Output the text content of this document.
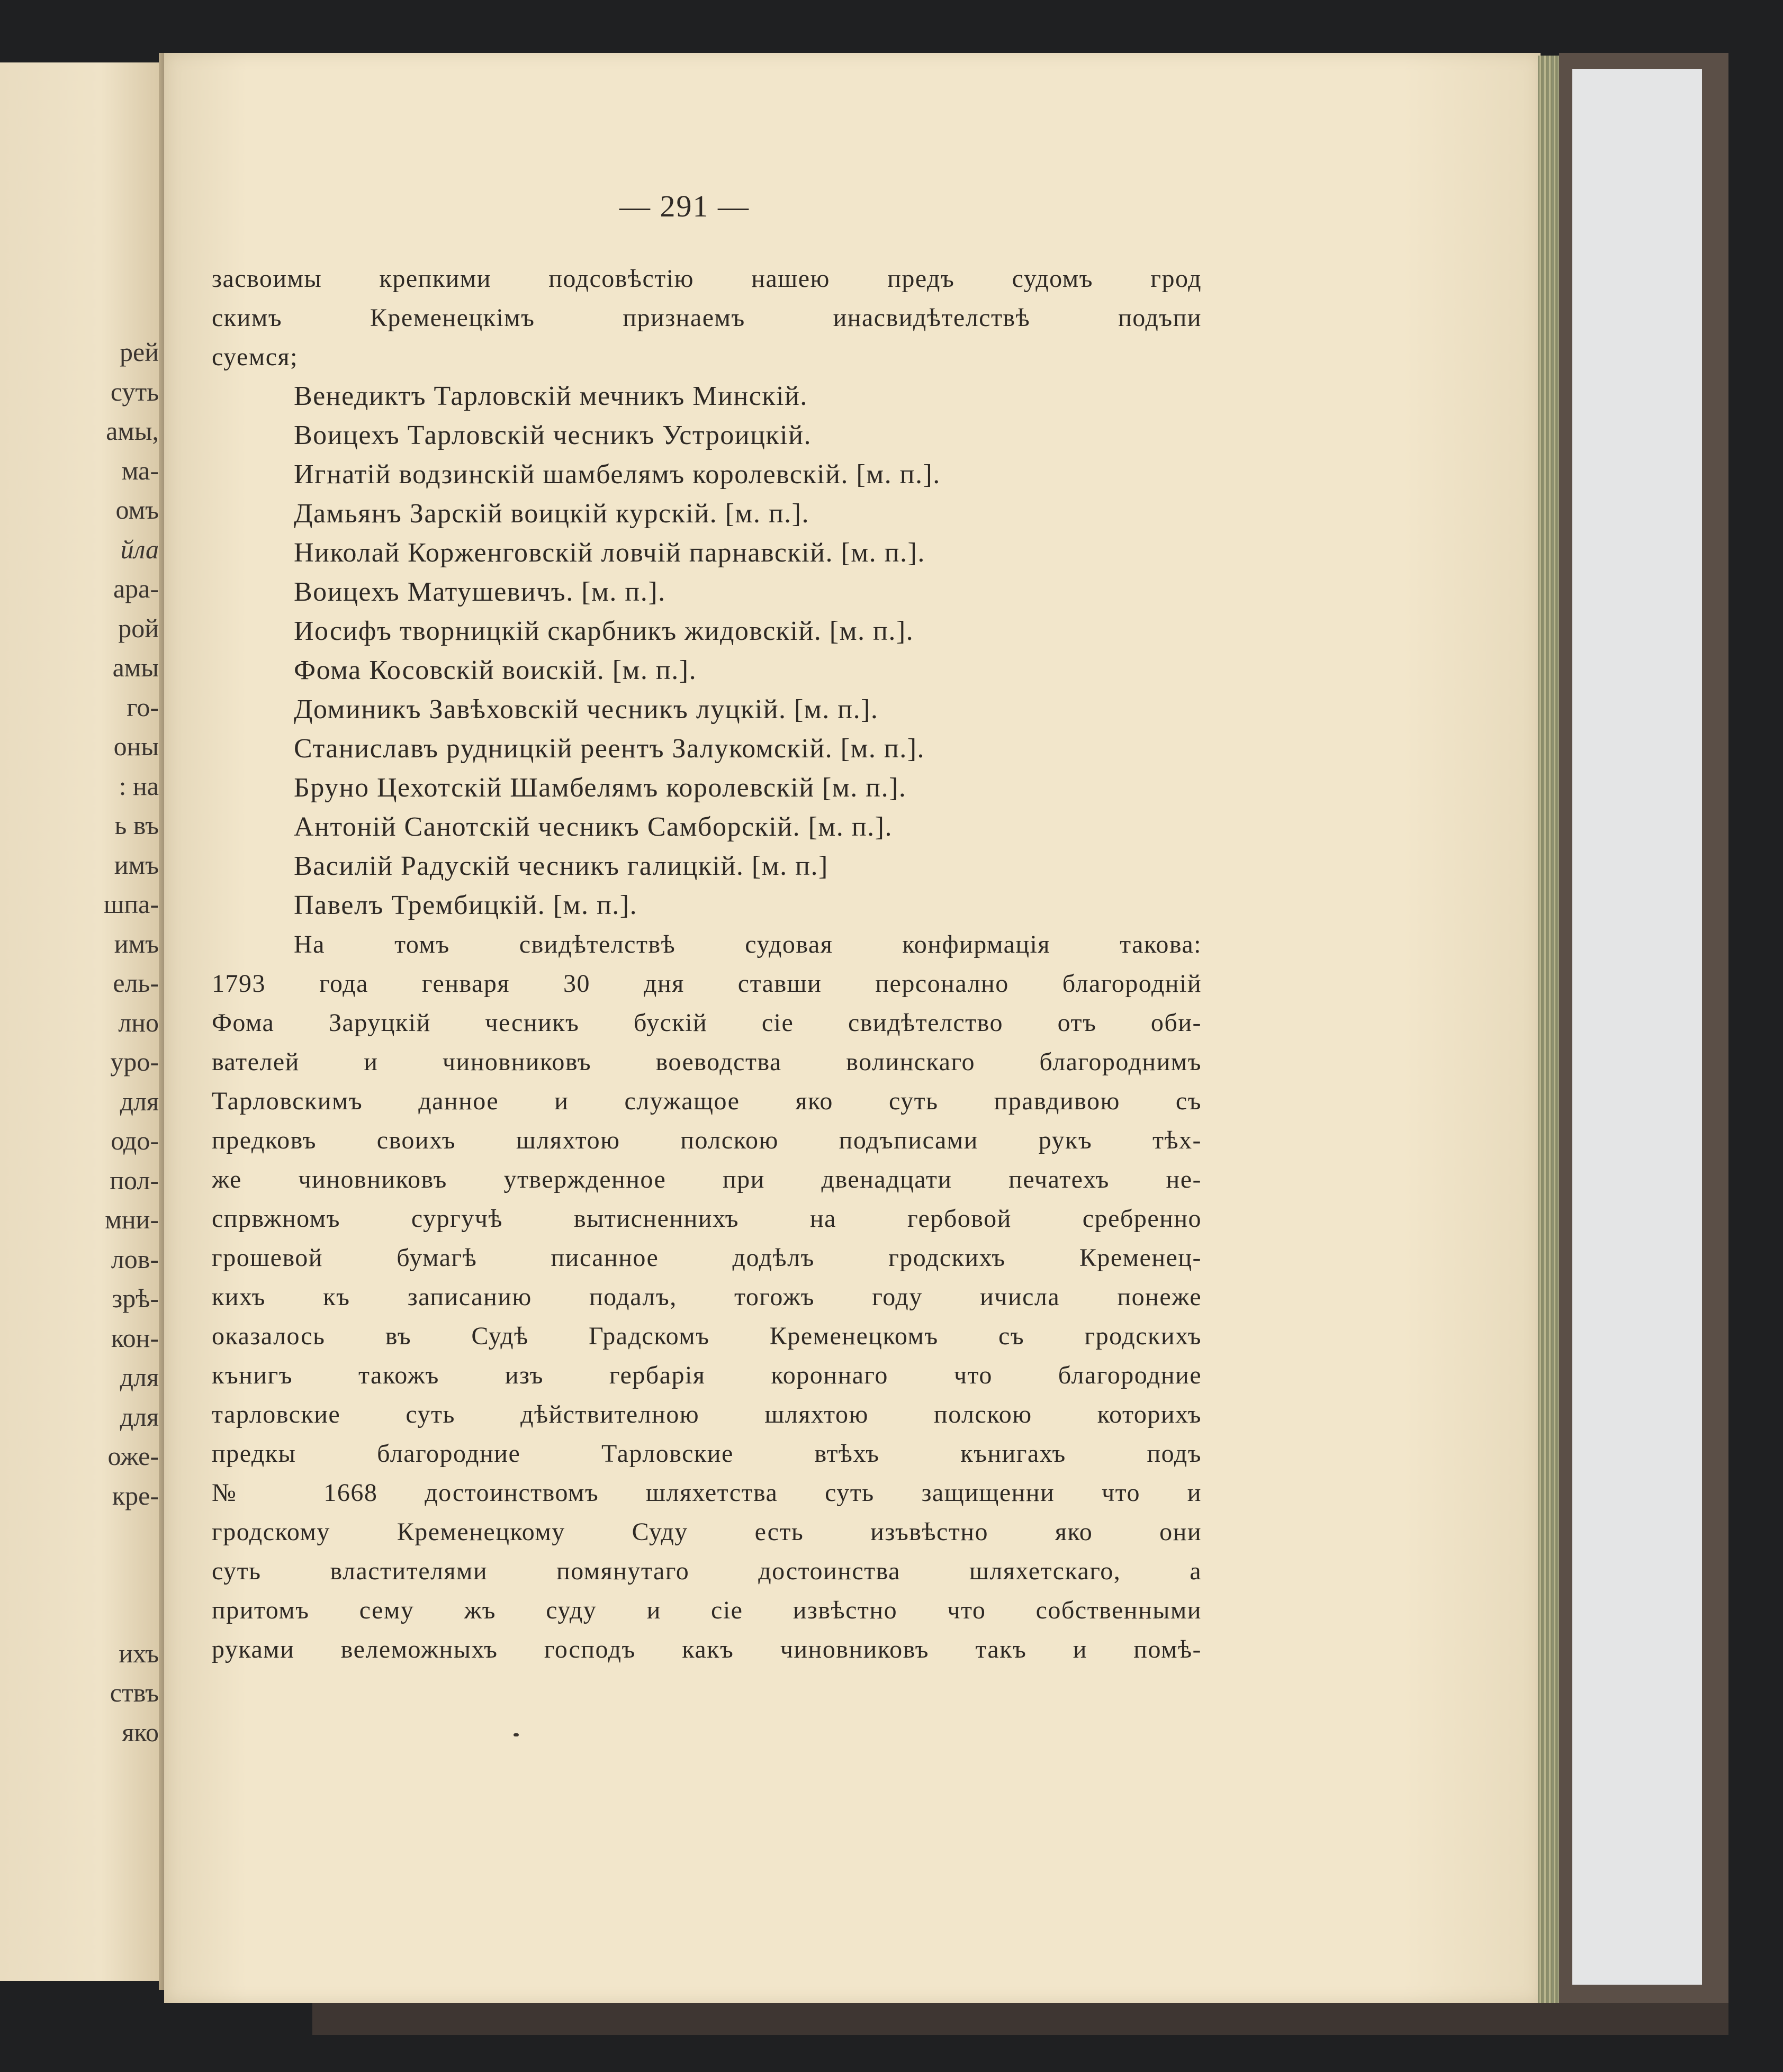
рей
суть
амы,
ма-
омъ
йла
ара-
рой
амы
го-
оны
: на
ь въ
имъ
шпа-
имъ
ель-
лно
уро-
для
одо-
пол-
мни-
лов-
зрѣ-
кон-
для
для
оже-
кре-
ихъ
ствъ
яко
— 291 —
засвоимы крепкими подсовѣстію нашею предъ судомъ грод
скимъ Кременецкімъ признаемъ инасвидѣтелствѣ подъпи
суемся;
Венедиктъ Тарловскій мечникъ Минскій.
Воицехъ Тарловскій чесникъ Устроицкій.
Игнатій водзинскій шамбелямъ королевскій. [м. п.].
Дамьянъ Зарскій воицкій курскій. [м. п.].
Николай Корженговскій ловчій парнавскій. [м. п.].
Воицехъ Матушевичъ. [м. п.].
Иосифъ творницкій скарбникъ жидовскій. [м. п.].
Фома Косовскій воискій. [м. п.].
Доминикъ Завѣховскій чесникъ луцкій. [м. п.].
Станиславъ рудницкій реентъ Залукомскій. [м. п.].
Бруно Цехотскій Шамбелямъ королевскій [м. п.].
Антоній Санотскій чесникъ Самборскій. [м. п.].
Василій Радускій чесникъ галицкій. [м. п.]
Павелъ Трембицкій. [м. п.].
На томъ свидѣтелствѣ судовая конфирмація такова:
1793 года генваря 30 дня ставши персонално благороднiй
Фома Заруцкій чесникъ бускій сіе свидѣтелство отъ оби-
вателей и чиновниковъ воеводства волинскаго благороднимъ
Тарловскимъ данное и служащое яко суть правдивою съ
предковъ своихъ шляхтою полскою подъписами рукъ тѣх-
же чиновниковъ утвержденное при двенадцати печатехъ не-
спрвжномъ сургучѣ вытисненнихъ на гербовой сребренно
грошевой бумагѣ писанное додѣлъ гродскихъ Кременец-
кихъ къ записанию подалъ, тогожъ году ичисла понеже
оказалось въ Судѣ Градскомъ Кременецкомъ съ гродскихъ
кънигъ такожъ изъ гербарія короннаго что благородние
тарловские суть дѣйствителною шляхтою полскою которихъ
предкы благородние Тарловские втѣхъ кънигахъ подъ
№ 1668 достоинствомъ шляхетства суть защищенни что и
гродскому Кременецкому Суду есть изъвѣстно яко они
суть властителями помянутаго достоинства шляхетскаго, а
притомъ сему жъ суду и сіе извѣстно что собственными
руками велеможныхъ господъ какъ чиновниковъ такъ и помѣ-
